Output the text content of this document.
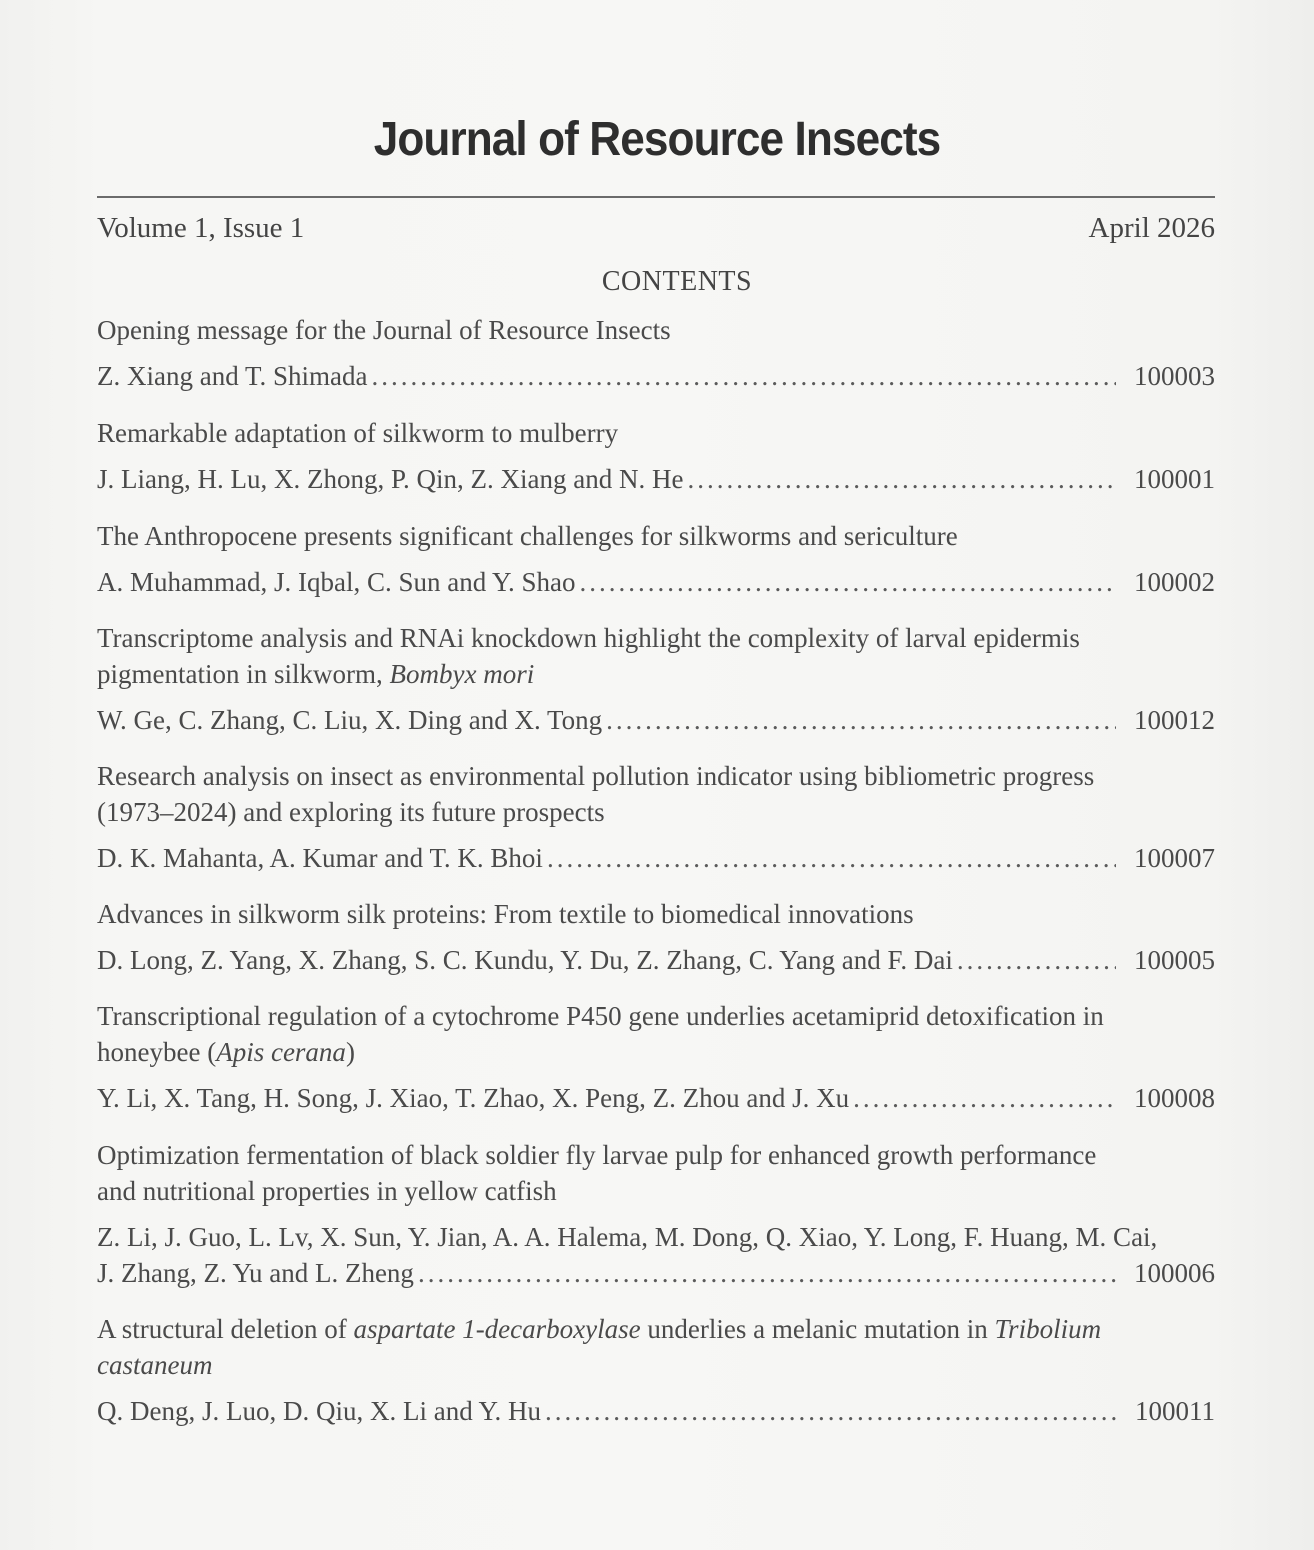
Journal of Resource Insects
Volume 1, Issue 1	April 2026
CONTENTS
Opening message for the Journal of Resource Insects
Z. Xiang and T. Shimada .....	100003
Remarkable adaptation of silkworm to mulberry
J. Liang, H. Lu, X. Zhong, P. Qin, Z. Xiang and N. He .....	100001
The Anthropocene presents significant challenges for silkworms and sericulture
A. Muhammad, J. Iqbal, C. Sun and Y. Shao .....	100002
Transcriptome analysis and RNAi knockdown highlight the complexity of larval epidermis pigmentation in silkworm, Bombyx mori
W. Ge, C. Zhang, C. Liu, X. Ding and X. Tong .....	100012
Research analysis on insect as environmental pollution indicator using bibliometric progress (1973–2024) and exploring its future prospects
D. K. Mahanta, A. Kumar and T. K. Bhoi .....	100007
Advances in silkworm silk proteins: From textile to biomedical innovations
D. Long, Z. Yang, X. Zhang, S. C. Kundu, Y. Du, Z. Zhang, C. Yang and F. Dai .....	100005
Transcriptional regulation of a cytochrome P450 gene underlies acetamiprid detoxification in honeybee (Apis cerana)
Y. Li, X. Tang, H. Song, J. Xiao, T. Zhao, X. Peng, Z. Zhou and J. Xu .....	100008
Optimization fermentation of black soldier fly larvae pulp for enhanced growth performance and nutritional properties in yellow catfish
Z. Li, J. Guo, L. Lv, X. Sun, Y. Jian, A. A. Halema, M. Dong, Q. Xiao, Y. Long, F. Huang, M. Cai,
J. Zhang, Z. Yu and L. Zheng .....	100006
A structural deletion of aspartate 1-decarboxylase underlies a melanic mutation in Tribolium castaneum
Q. Deng, J. Luo, D. Qiu, X. Li and Y. Hu .....	100011
